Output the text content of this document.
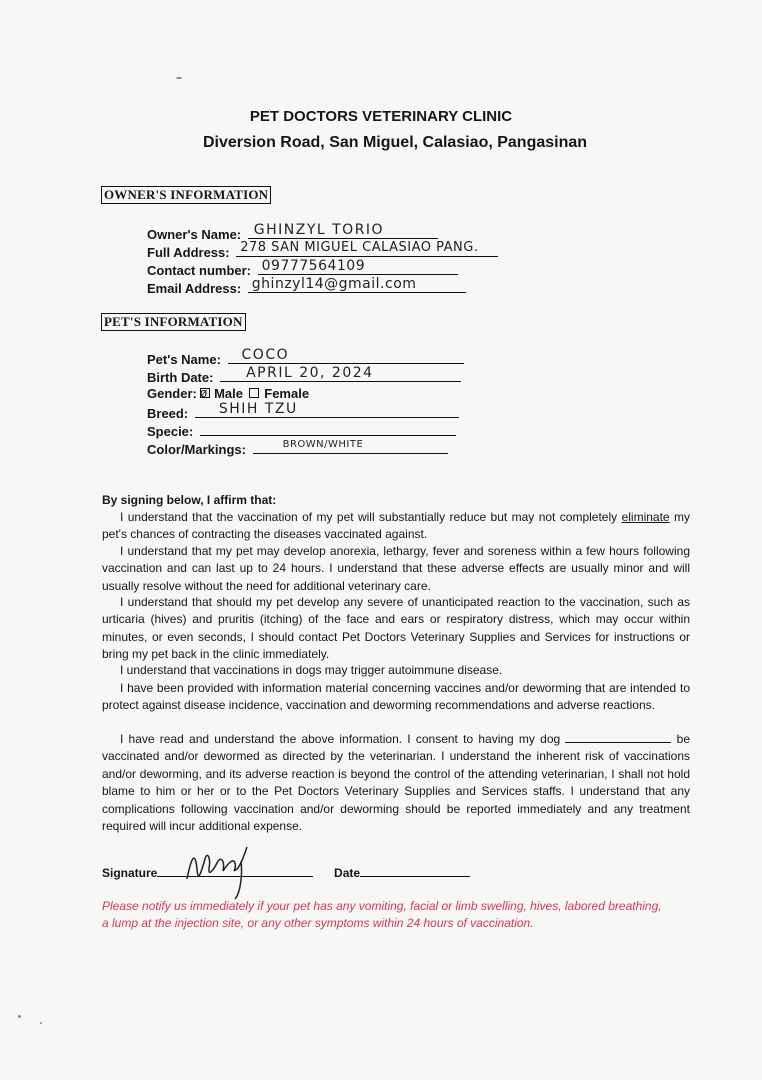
PET DOCTORS VETERINARY CLINIC
Diversion Road, San Miguel, Calasiao, Pangasinan
OWNER'S INFORMATION
Owner's Name: GHINZYL TORIO
Full Address: 278 SAN MIGUEL CALASIAO PANG.
Contact number: 09777564109
Email Address: ghinzyl14@gmail.com
PET'S INFORMATION
Pet's Name: COCO
Birth Date: APRIL 20, 2024
Gender: ø Male Female
Breed: SHIH TZU
Specie:
Color/Markings:	BROWN/WHITE
By signing below, I affirm that:

I understand that the vaccination of my pet will substantially reduce but may not completely eliminate my pet's chances of contracting the diseases vaccinated against.

I understand that my pet may develop anorexia, lethargy, fever and soreness within a few hours following vaccination and can last up to 24 hours. I understand that these adverse effects are usually minor and will usually resolve without the need for additional veterinary care.

I understand that should my pet develop any severe of unanticipated reaction to the vaccination, such as urticaria (hives) and pruritis (itching) of the face and ears or respiratory distress, which may occur within minutes, or even seconds, I should contact Pet Doctors Veterinary Supplies and Services for instructions or bring my pet back in the clinic immediately.

I understand that vaccinations in dogs may trigger autoimmune disease.

I have been provided with information material concerning vaccines and/or deworming that are intended to protect against disease incidence, vaccination and deworming recommendations and adverse reactions.

I have read and understand the above information. I consent to having my dog	be vaccinated and/or dewormed as directed by the veterinarian. I understand the inherent risk of vaccinations and/or deworming, and its adverse reaction is beyond the control of the attending veterinarian, I shall not hold blame to him or her or to the Pet Doctors Veterinary Supplies and Services staffs. I understand that any complications following vaccination and/or deworming should be reported immediately and any treatment required will incur additional expense.

Signature	Date
Please notify us immediately if your pet has any vomiting, facial or limb swelling, hives, labored breathing, a lump at the injection site, or any other symptoms within 24 hours of vaccination.
